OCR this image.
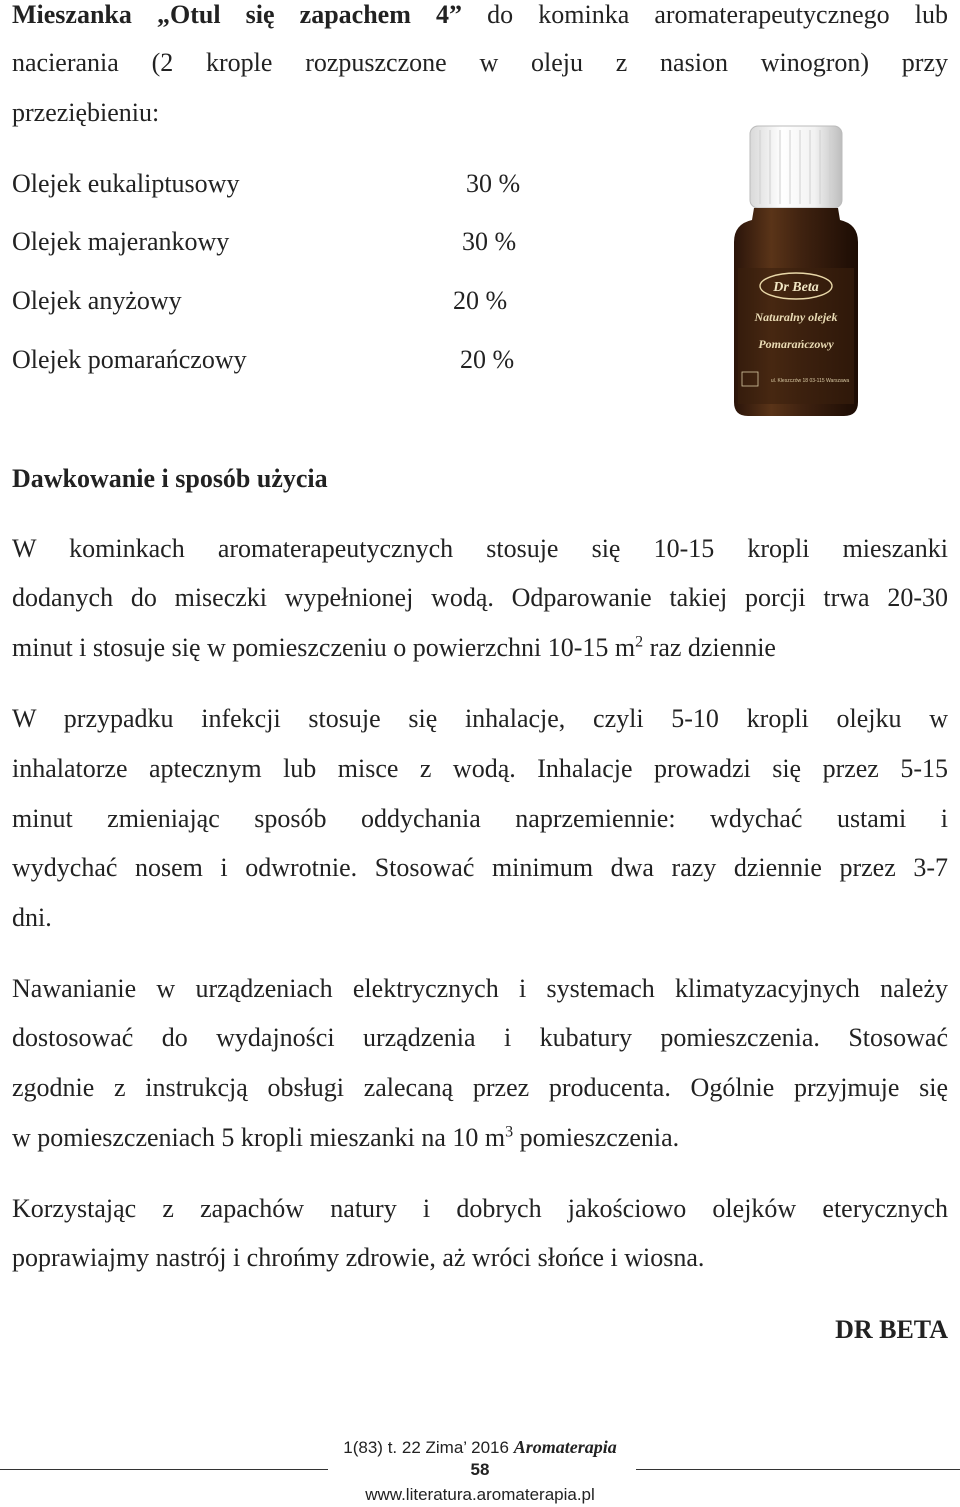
Mieszanka „Otul się zapachem 4” do kominka aromaterapeutycznego lub
nacierania (2 krople rozpuszczone w oleju z nasion winogron) przy
przeziębieniu:
Olejek eukaliptusowy	30 %
Olejek majerankowy	30 %
Olejek anyżowy	20 %
Olejek pomarańczowy	20 %
Dr Beta
Naturalny olejek
Pomarańczowy
ul. Kleszczów 18 03-115 Warszawa
Dawkowanie i sposób użycia
W kominkach aromaterapeutycznych stosuje się 10-15 kropli mieszanki
dodanych do miseczki wypełnionej wodą. Odparowanie takiej porcji trwa 20-30
minut i stosuje się w pomieszczeniu o powierzchni 10-15 $m^2$ raz dziennie
W przypadku infekcji stosuje się inhalacje, czyli 5-10 kropli olejku w
inhalatorze aptecznym lub misce z wodą. Inhalacje prowadzi się przez 5-15
minut zmieniając sposób oddychania naprzemiennie: wdychać ustami i
wydychać nosem i odwrotnie. Stosować minimum dwa razy dziennie przez 3-7
dni.
Nawanianie w urządzeniach elektrycznych i systemach klimatyzacyjnych należy
dostosować do wydajności urządzenia i kubatury pomieszczenia. Stosować
zgodnie z instrukcją obsługi zalecaną przez producenta. Ogólnie przyjmuje się
w pomieszczeniach 5 kropli mieszanki na 10 $m^3$ pomieszczenia.
Korzystając z zapachów natury i dobrych jakościowo olejków eterycznych
poprawiajmy nastrój i chrońmy zdrowie, aż wróci słońce i wiosna.
DR BETA
1(83) t. 22 Zima’ 2016 Aromaterapia
58
www.literatura.aromaterapia.pl
